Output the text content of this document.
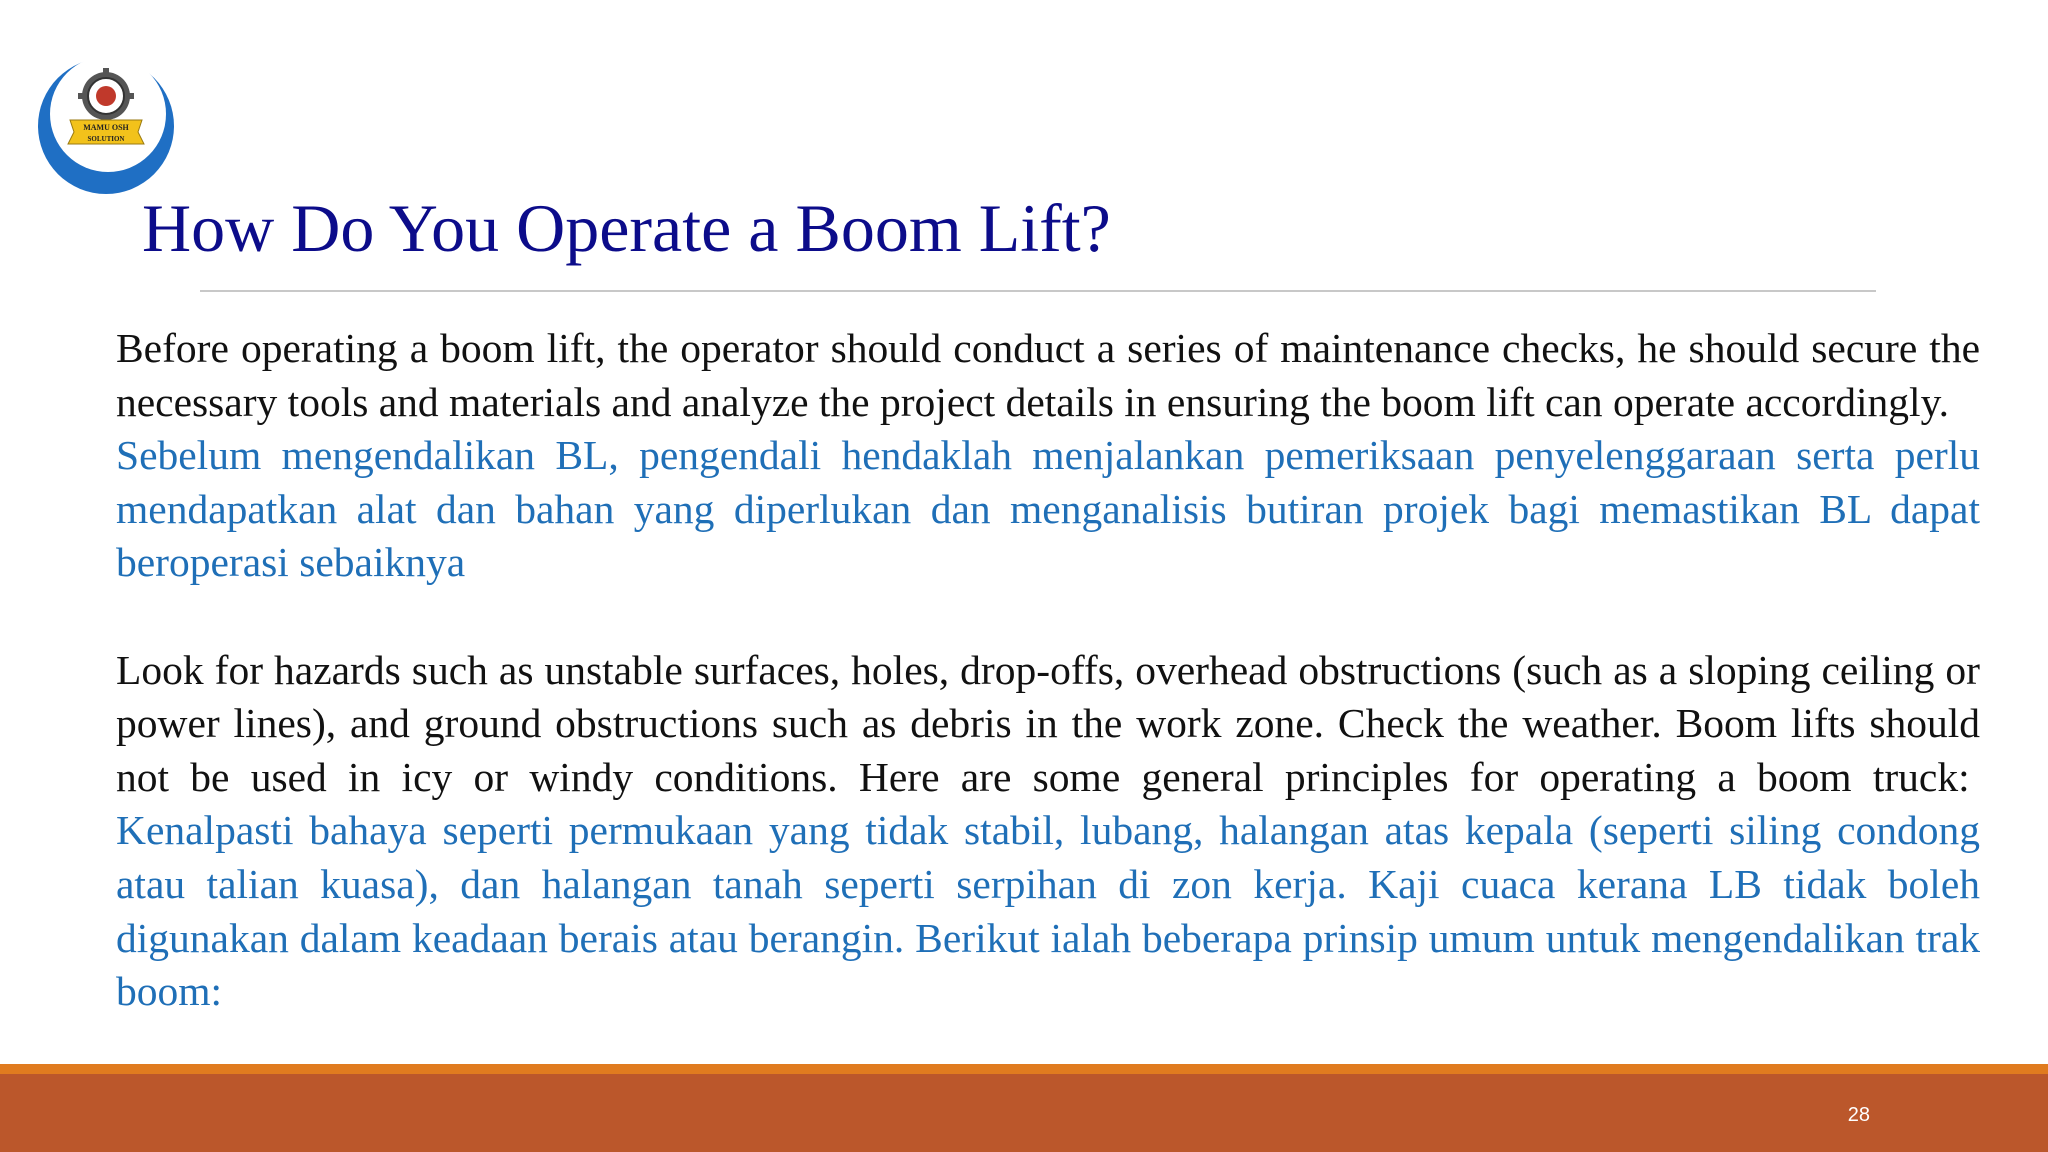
MAMU OSH
SOLUTION
How Do You Operate a Boom Lift?

Before operating a boom lift, the operator should conduct a series of maintenance checks, he should secure the necessary tools and materials and analyze the project details in ensuring the boom lift can operate accordingly.

Sebelum mengendalikan BL, pengendali hendaklah menjalankan pemeriksaan penyelenggaraan serta perlu mendapatkan alat dan bahan yang diperlukan dan menganalisis butiran projek bagi memastikan BL dapat beroperasi sebaiknya

Look for hazards such as unstable surfaces, holes, drop-offs, overhead obstructions (such as a sloping ceiling or power lines), and ground obstructions such as debris in the work zone. Check the weather. Boom lifts should not be used in icy or windy conditions. Here are some general principles for operating a boom truck:  Kenalpasti bahaya seperti permukaan yang tidak stabil, lubang, halangan atas kepala (seperti siling condong atau talian kuasa), dan halangan tanah seperti serpihan di zon kerja. Kaji cuaca kerana LB tidak boleh digunakan dalam keadaan berais atau berangin. Berikut ialah beberapa prinsip umum untuk mengendalikan trak boom:

28
